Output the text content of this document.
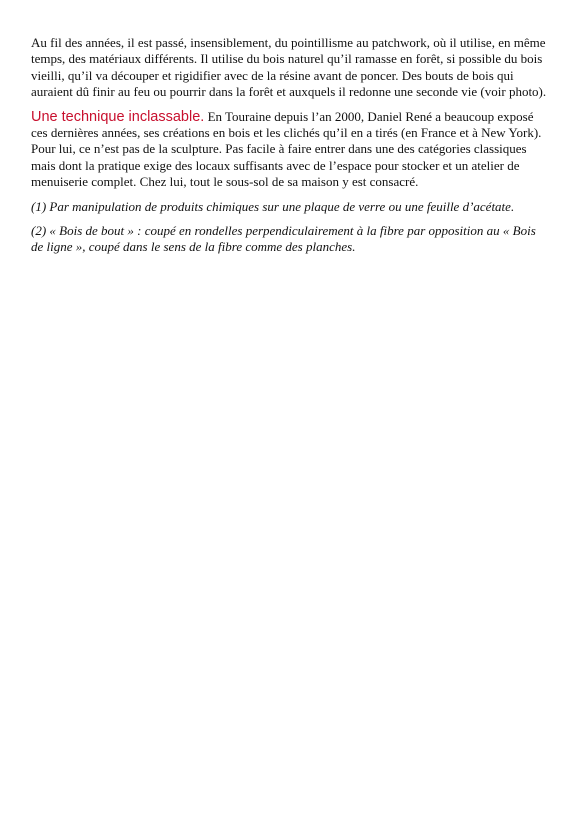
Au fil des années, il est passé, insensiblement, du pointillisme au patchwork, où il utilise, en même temps, des matériaux différents. Il utilise du bois naturel qu’il ramasse en forêt, si possible du bois vieilli, qu’il va découper et rigidifier avec de la résine avant de poncer. Des bouts de bois qui auraient dû finir au feu ou pourrir dans la forêt et auxquels il redonne une seconde vie (voir photo).

Une technique inclassable. En Touraine depuis l’an 2000, Daniel René a beaucoup exposé ces dernières années, ses créations en bois et les clichés qu’il en a tirés (en France et à New York). Pour lui, ce n’est pas de la sculpture. Pas facile à faire entrer dans une des catégories classiques mais dont la pratique exige des locaux suffisants avec de l’espace pour stocker et un atelier de menuiserie complet. Chez lui, tout le sous-sol de sa maison y est consacré.

(1) Par manipulation de produits chimiques sur une plaque de verre ou une feuille d’acétate.

(2) « Bois de bout » : coupé en rondelles perpendiculairement à la fibre par opposition au « Bois de ligne », coupé dans le sens de la fibre comme des planches.
